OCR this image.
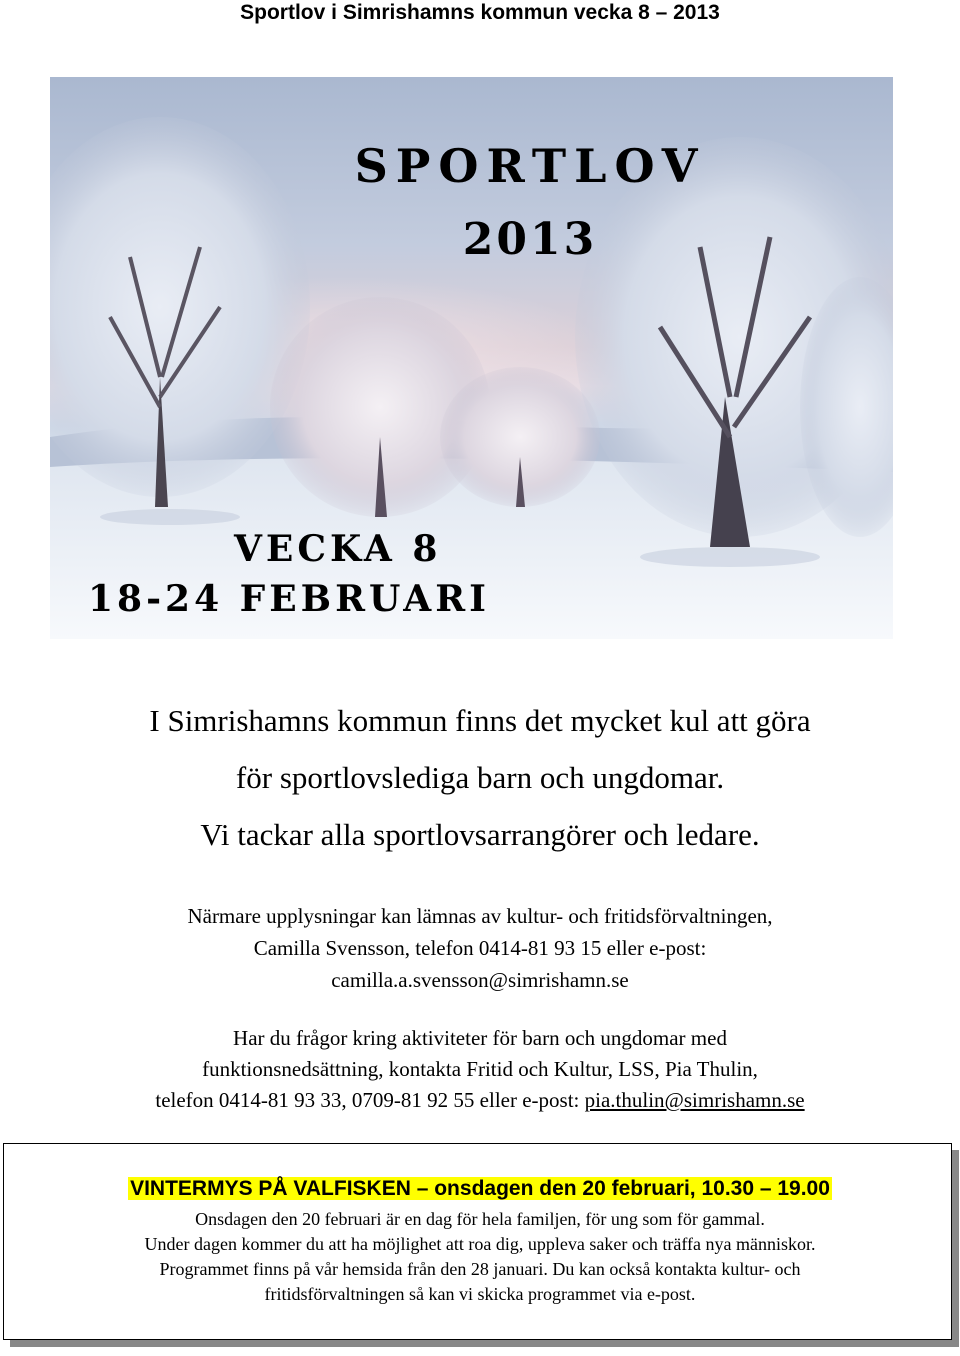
Sportlov i Simrishamns kommun vecka 8 – 2013
SPORTLOV
2013
VECKA 8
18-24 FEBRUARI
I Simrishamns kommun finns det mycket kul att göra
för sportlovslediga barn och ungdomar.
Vi tackar alla sportlovsarrangörer och ledare.
Närmare upplysningar kan lämnas av kultur- och fritidsförvaltningen,
Camilla Svensson, telefon 0414-81 93 15 eller e-post:
camilla.a.svensson@simrishamn.se
Har du frågor kring aktiviteter för barn och ungdomar med
funktionsnedsättning, kontakta Fritid och Kultur, LSS, Pia Thulin,
telefon 0414-81 93 33, 0709-81 92 55 eller e-post: pia.thulin@simrishamn.se
VINTERMYS PÅ VALFISKEN – onsdagen den 20 februari, 10.30 – 19.00
Onsdagen den 20 februari är en dag för hela familjen, för ung som för gammal.
Under dagen kommer du att ha möjlighet att roa dig, uppleva saker och träffa nya människor.
Programmet finns på vår hemsida från den 28 januari. Du kan också kontakta kultur- och
fritidsförvaltningen så kan vi skicka programmet via e-post.
